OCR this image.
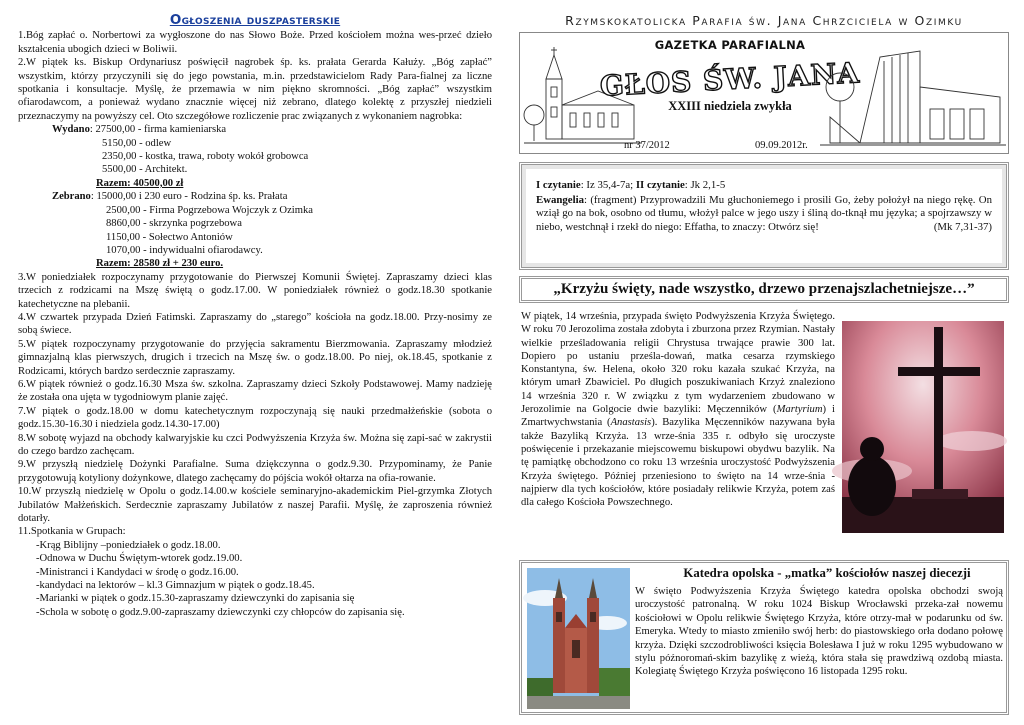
Ogłoszenia duszpasterskie
1.Bóg zapłać o. Norbertowi za wygłoszone do nas Słowo Boże. Przed kościołem można wes-przeć dzieło kształcenia ubogich dzieci w Boliwii.
2.W piątek ks. Biskup Ordynariusz poświęcił nagrobek śp. ks. prałata Gerarda Kałuży. „Bóg zapłać” wszystkim, którzy przyczynili się do jego powstania, m.in. przedstawicielom Rady Para-fialnej za liczne spotkania i konsultacje. Myślę, że przemawia w nim piękno skromności. „Bóg zapłać” wszystkim ofiarodawcom, a ponieważ wydano znacznie więcej niż zebrano, dlatego kolektę z przyszłej niedzieli przeznaczymy na powyższy cel. Oto szczegółowe rozliczenie prac związanych z wykonaniem nagrobka:
Wydano: 27500,00 - firma kamieniarska
5150,00 - odlew
2350,00 - kostka, trawa, roboty wokół grobowca
5500,00 - Architekt.
Razem: 40500,00 zł
Zebrano: 15000,00 i 230 euro - Rodzina śp. ks. Prałata
2500,00 - Firma Pogrzebowa Wojczyk z Ozimka
8860,00 - skrzynka pogrzebowa
1150,00 - Sołectwo Antoniów
1070,00 - indywidualni ofiarodawcy.
Razem: 28580 zł + 230 euro.
3.W poniedziałek rozpoczynamy przygotowanie do Pierwszej Komunii Świętej. Zapraszamy dzieci klas trzecich z rodzicami na Mszę świętą o godz.17.00. W poniedziałek również o godz.18.30 spotkanie katechetyczne na plebanii.
4.W czwartek przypada Dzień Fatimski. Zapraszamy do „starego” kościoła na godz.18.00. Przy-nosimy ze sobą świece.
5.W piątek rozpoczynamy przygotowanie do przyjęcia sakramentu Bierzmowania. Zapraszamy młodzież gimnazjalną klas pierwszych, drugich i trzecich na Mszę św. o godz.18.00. Po niej, ok.18.45, spotkanie z Rodzicami, których bardzo serdecznie zapraszamy.
6.W piątek również o godz.16.30 Msza św. szkolna. Zapraszamy dzieci Szkoły Podstawowej. Mamy nadzieję że została ona ujęta w tygodniowym planie zajęć.
7.W piątek o godz.18.00 w domu katechetycznym rozpoczynają się nauki przedmałżeńskie (sobota o godz.15.30-16.30 i niedziela godz.14.30-17.00)
8.W sobotę wyjazd na obchody kalwaryjskie ku czci Podwyższenia Krzyża św. Można się zapi-sać w zakrystii do czego bardzo zachęcam.
9.W przyszłą niedzielę Dożynki Parafialne. Suma dziękczynna o godz.9.30. Przypominamy, że Panie przygotowują kotyliony dożynkowe, dlatego zachęcamy do pójścia wokół ołtarza na ofia-rowanie.
10.W przyszłą niedzielę w Opolu o godz.14.00.w kościele seminaryjno-akademickim Piel-grzymka Złotych Jubilatów Małżeńskich. Serdecznie zapraszamy Jubilatów z naszej Parafii. Myślę, że zaproszenia również dotarły.
11.Spotkania w Grupach:
-Krąg Biblijny –poniedziałek o godz.18.00.
-Odnowa w Duchu Świętym-wtorek godz.19.00.
-Ministranci i Kandydaci w środę o godz.16.00.
-kandydaci na lektorów – kl.3 Gimnazjum w piątek o godz.18.45.
-Marianki w piątek o godz.15.30-zapraszamy dziewczynki do zapisania się
-Schola w sobotę o godz.9.00-zapraszamy dziewczynki czy chłopców do zapisania się.
Rzymskokatolicka Parafia św. Jana Chrzciciela w Ozimku
GAZETKA PARAFIALNA
GŁOS ŚW. JANA
XXIII niedziela zwykła
nr 37/2012	09.09.2012r.
I czytanie: Iz 35,4-7a; II czytanie: Jk 2,1-5
Ewangelia: (fragment) Przyprowadzili Mu głuchoniemego i prosili Go, żeby położył na niego rękę. On wziął go na bok, osobno od tłumu, włożył palce w jego uszy i śliną do-tknął mu języka; a spojrzawszy w niebo, westchnął i rzekł do niego: Effatha, to znaczy: Otwórz się!	(Mk 7,31-37)
„Krzyżu święty, nade wszystko, drzewo przenajszlachetniejsze…”
W piątek, 14 września, przypada święto Podwyższenia Krzyża Świętego. W roku 70 Jerozolima została zdobyta i zburzona przez Rzymian. Nastały wielkie prześladowania religii Chrystusa trwające prawie 300 lat. Dopiero po ustaniu prześla-dowań, matka cesarza rzymskiego Konstantyna, św. Helena, około 320 roku kazała szukać Krzyża, na którym umarł Zbawiciel. Po długich poszukiwaniach Krzyż znaleziono 14 września 320 r. W związku z tym wydarzeniem zbudowano w Jerozolimie na Golgocie dwie bazyliki: Męczenników (Martyrium) i Zmartwychwstania (Anastasis). Bazylika Męczenników nazywana była także Bazyliką Krzyża. 13 wrze-śnia 335 r. odbyło się uroczyste poświęcenie i przekazanie miejscowemu biskupowi obydwu bazylik. Na tę pamiątkę obchodzono co roku 13 września uroczystość Podwyższenia Krzyża świętego. Później przeniesiono to święto na 14 wrze-śnia - najpierw dla tych kościołów, które posiadały relikwie Krzyża, potem zaś dla całego Kościoła Powszechnego.
Katedra opolska - „matka” kościołów naszej diecezji
W święto Podwyższenia Krzyża Świętego katedra opolska obchodzi swoją uroczystość patronalną. W roku 1024 Biskup Wrocławski przeka-zał nowemu kościołowi w Opolu relikwie Świętego Krzyża, które otrzy-mał w podarunku od św. Emeryka. Wtedy to miasto zmieniło swój herb: do piastowskiego orła dodano połowę krzyża. Dzięki szczodrobliwości księcia Bolesława I już w roku 1295 wybudowano w stylu późnoromań-skim bazylikę z wieżą, która stała się prawdziwą ozdobą miasta. Kolegiatę Świętego Krzyża poświęcono 16 listopada 1295 roku.
